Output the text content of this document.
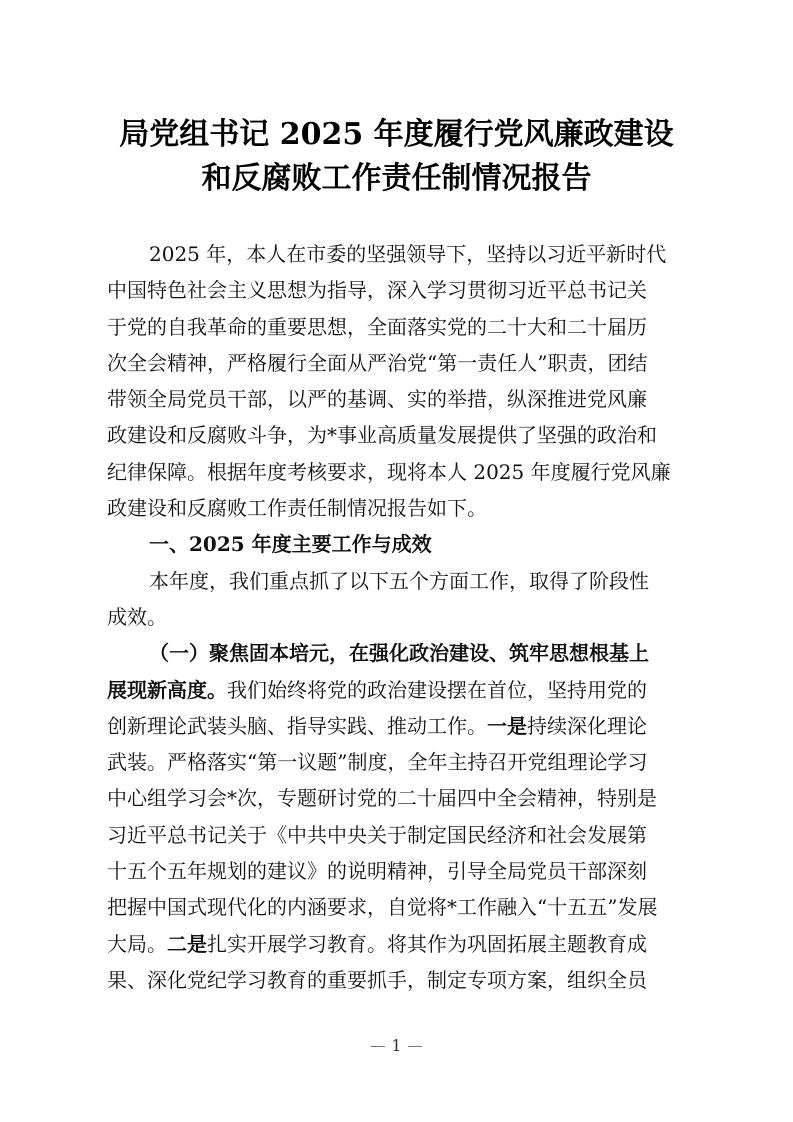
局党组书记 2025 年度履行党风廉政建设
和反腐败工作责任制情况报告
2025 年，本人在市委的坚强领导下，坚持以习近平新时代
中国特色社会主义思想为指导，深入学习贯彻习近平总书记关
于党的自我革命的重要思想，全面落实党的二十大和二十届历
次全会精神，严格履行全面从严治党“第一责任人”职责，团结
带领全局党员干部，以严的基调、实的举措，纵深推进党风廉
政建设和反腐败斗争，为*事业高质量发展提供了坚强的政治和
纪律保障。根据年度考核要求，现将本人 2025 年度履行党风廉
政建设和反腐败工作责任制情况报告如下。
一、2025 年度主要工作与成效
本年度，我们重点抓了以下五个方面工作，取得了阶段性
成效。
（一）聚焦固本培元，在强化政治建设、筑牢思想根基上
展现新高度。我们始终将党的政治建设摆在首位，坚持用党的
创新理论武装头脑、指导实践、推动工作。一是持续深化理论
武装。严格落实“第一议题”制度，全年主持召开党组理论学习
中心组学习会*次，专题研讨党的二十届四中全会精神，特别是
习近平总书记关于《中共中央关于制定国民经济和社会发展第
十五个五年规划的建议》的说明精神，引导全局党员干部深刻
把握中国式现代化的内涵要求，自觉将*工作融入“十五五”发展
大局。二是扎实开展学习教育。将其作为巩固拓展主题教育成
果、深化党纪学习教育的重要抓手，制定专项方案，组织全员
1
